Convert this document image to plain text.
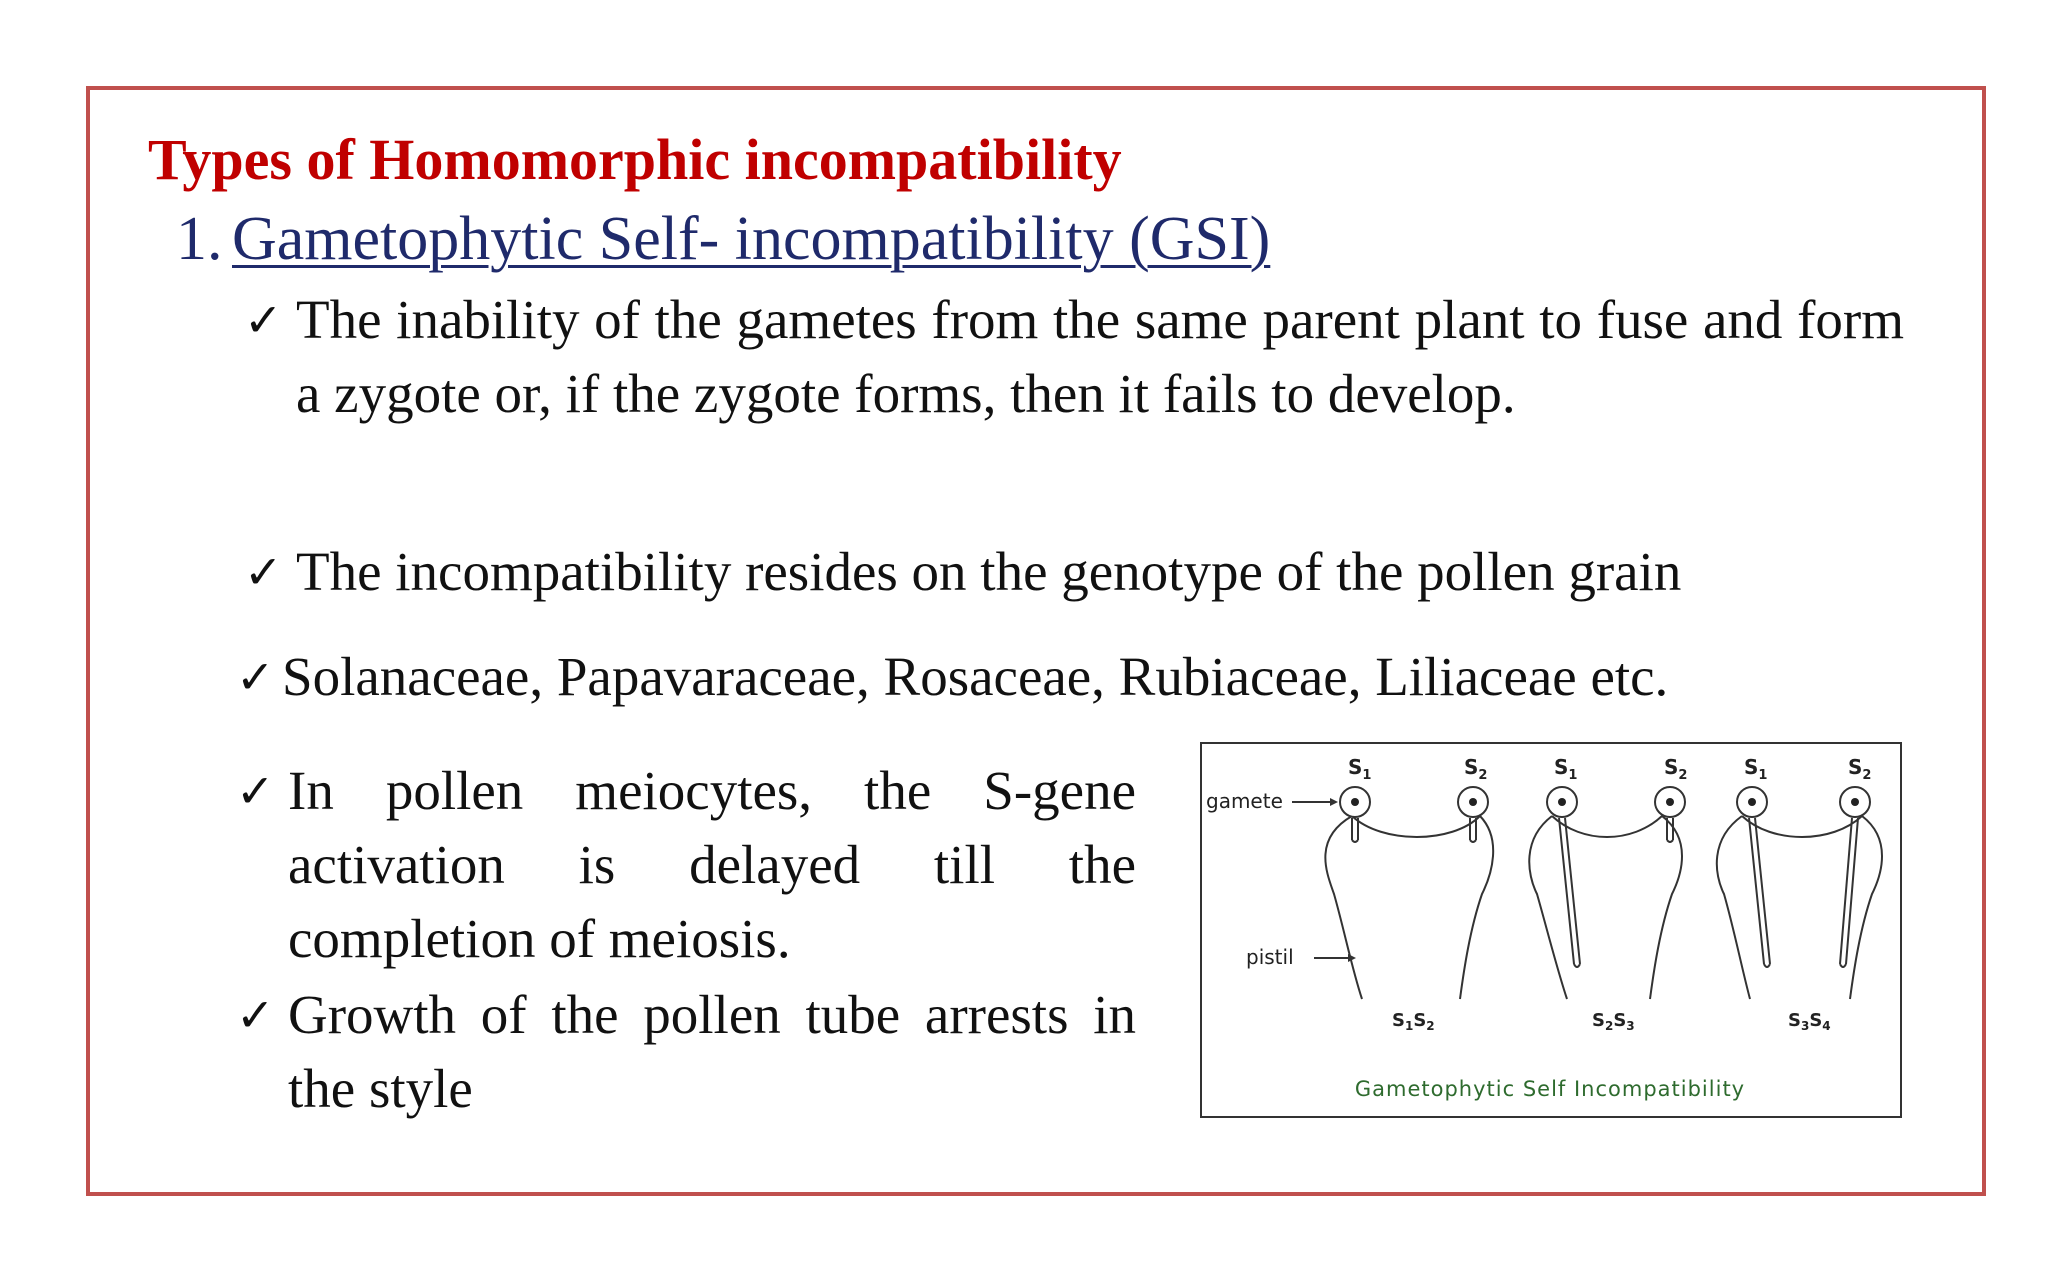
Types of Homomorphic incompatibility
1. Gametophytic Self- incompatibility (GSI)
✓ The inability of the gametes from the same parent plant to fuse and form a zygote or, if the zygote forms, then it fails to develop.
✓ The incompatibility resides on the genotype of the pollen grain
✓ Solanaceae, Papavaraceae, Rosaceae, Rubiaceae, Liliaceae etc.
✓ In pollen meiocytes, the S-gene activation is delayed till the completion of meiosis.
✓ Growth of the pollen tube arrests in the style
$S_1$	$S_2$	$S_1$	$S_2$	$S_1$	$S_2$
gamete
pistil
$S_1S_2$	$S_2S_3$	$S_3S_4$
Gametophytic Self Incompatibility
